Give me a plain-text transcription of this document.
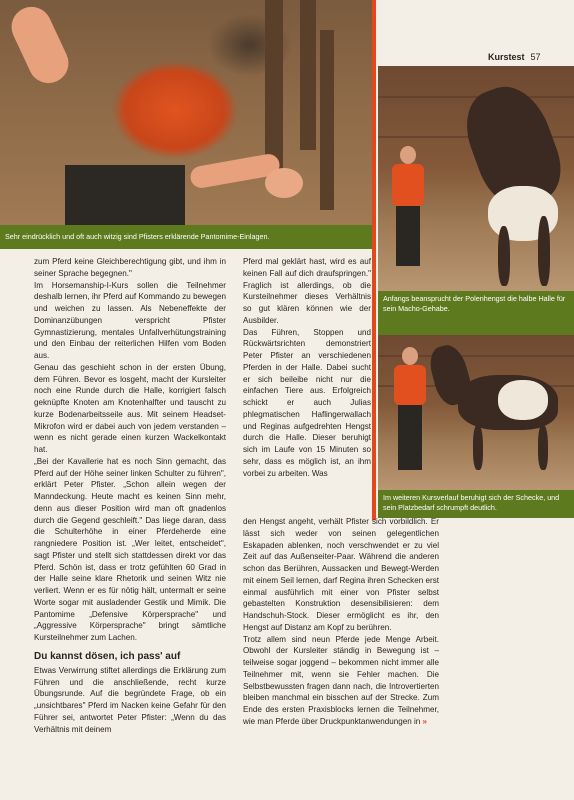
Sehr eindrücklich und oft auch witzig sind Pfisters erklärende Pantomime-Einlagen.
Kurstest 57
Anfangs beansprucht der Polenhengst die halbe Halle für sein Macho-Gehabe.
Im weiteren Kursverlauf beruhigt sich der Schecke, und sein Platzbedarf schrumpft deutlich.
zum Pferd keine Gleichberechtigung gibt, und ihm in seiner Sprache begegnen."
Im Horsemanship-I-Kurs sollen die Teilnehmer deshalb lernen, ihr Pferd auf Kommando zu bewegen und weichen zu lassen. Als Nebeneffekte der Dominanzübungen verspricht Pfister Gymnastizierung, mentales Unfallverhütungstraining und den Einbau der reiterlichen Hilfen vom Boden aus.
Genau das geschieht schon in der ersten Übung, dem Führen. Bevor es losgeht, macht der Kursleiter noch eine Runde durch die Halle, korrigiert falsch geknüpfte Knoten am Knotenhalfter und tauscht zu kurze Bodenarbeitsseile aus. Mit seinem Headset-Mikrofon wird er dabei auch von jedem verstanden – wenn es nicht gerade einen kurzen Wackelkontakt hat.
„Bei der Kavallerie hat es noch Sinn gemacht, das Pferd auf der Höhe seiner linken Schulter zu führen", erklärt Peter Pfister. „Schon allein wegen der Manndeckung. Heute macht es keinen Sinn mehr, denn aus dieser Position wird man oft gnadenlos durch die Gegend geschleift." Das liege daran, dass die Schulterhöhe in einer Pferdeherde eine rangniedere Position ist. „Wer leitet, entscheidet", sagt Pfister und stellt sich stattdessen direkt vor das Pferd. Schön ist, dass er trotz gefühlten 60 Grad in der Halle seine klare Rhetorik und seinen Witz nie verliert. Wenn er es für nötig hält, untermalt er seine Worte sogar mit ausladender Gestik und Mimik. Die Pantomime „Defensive Körpersprache" und „Aggressive Körpersprache" bringt sämtliche Kursteilnehmer zum Lachen.
Du kannst dösen, ich pass' auf
Etwas Verwirrung stiftet allerdings die Erklärung zum Führen und die anschließende, recht kurze Übungsrunde. Auf die begründete Frage, ob ein „unsichtbares" Pferd im Nacken keine Gefahr für den Führer sei, antwortet Peter Pfister: „Wenn du das Verhältnis mit deinem
Pferd mal geklärt hast, wird es auf keinen Fall auf dich draufspringen." Fraglich ist allerdings, ob die Kursteilnehmer dieses Verhältnis so gut klären können wie der Ausbilder.
Das Führen, Stoppen und Rückwärtsrichten demonstriert Peter Pfister an verschiedenen Pferden in der Halle. Dabei sucht er sich beileibe nicht nur die einfachen Tiere aus. Erfolgreich schickt er auch Julias phlegmatischen Haflingerwallach und Reginas aufgedrehten Hengst durch die Halle. Dieser beruhigt sich im Laufe von 15 Minuten so sehr, dass es möglich ist, an ihm vorbei zu arbeiten. Was
den Hengst angeht, verhält Pfister sich vorbildlich. Er lässt sich weder von seinen gelegentlichen Eskapaden ablenken, noch verschwendet er zu viel Zeit auf das Außenseiter-Paar. Während die anderen schon das Berühren, Aussacken und Bewegt-Werden mit einem Seil lernen, darf Regina ihren Schecken erst einmal ausführlich mit einer von Pfister selbst gebastelten Konstruktion desensibilisieren: dem Handschuh-Stock. Dieser ermöglicht es ihr, den Hengst auf Distanz am Kopf zu berühren.
Trotz allem sind neun Pferde jede Menge Arbeit. Obwohl der Kursleiter ständig in Bewegung ist – teilweise sogar joggend – bekommen nicht immer alle Teilnehmer mit, wenn sie Fehler machen. Die Selbstbewussten fragen dann nach, die Introvertierten bleiben manchmal ein bisschen auf der Strecke. Zum Ende des ersten Praxisblocks lernen die Teilnehmer, wie man Pferde über Druckpunktanwendungen in »
